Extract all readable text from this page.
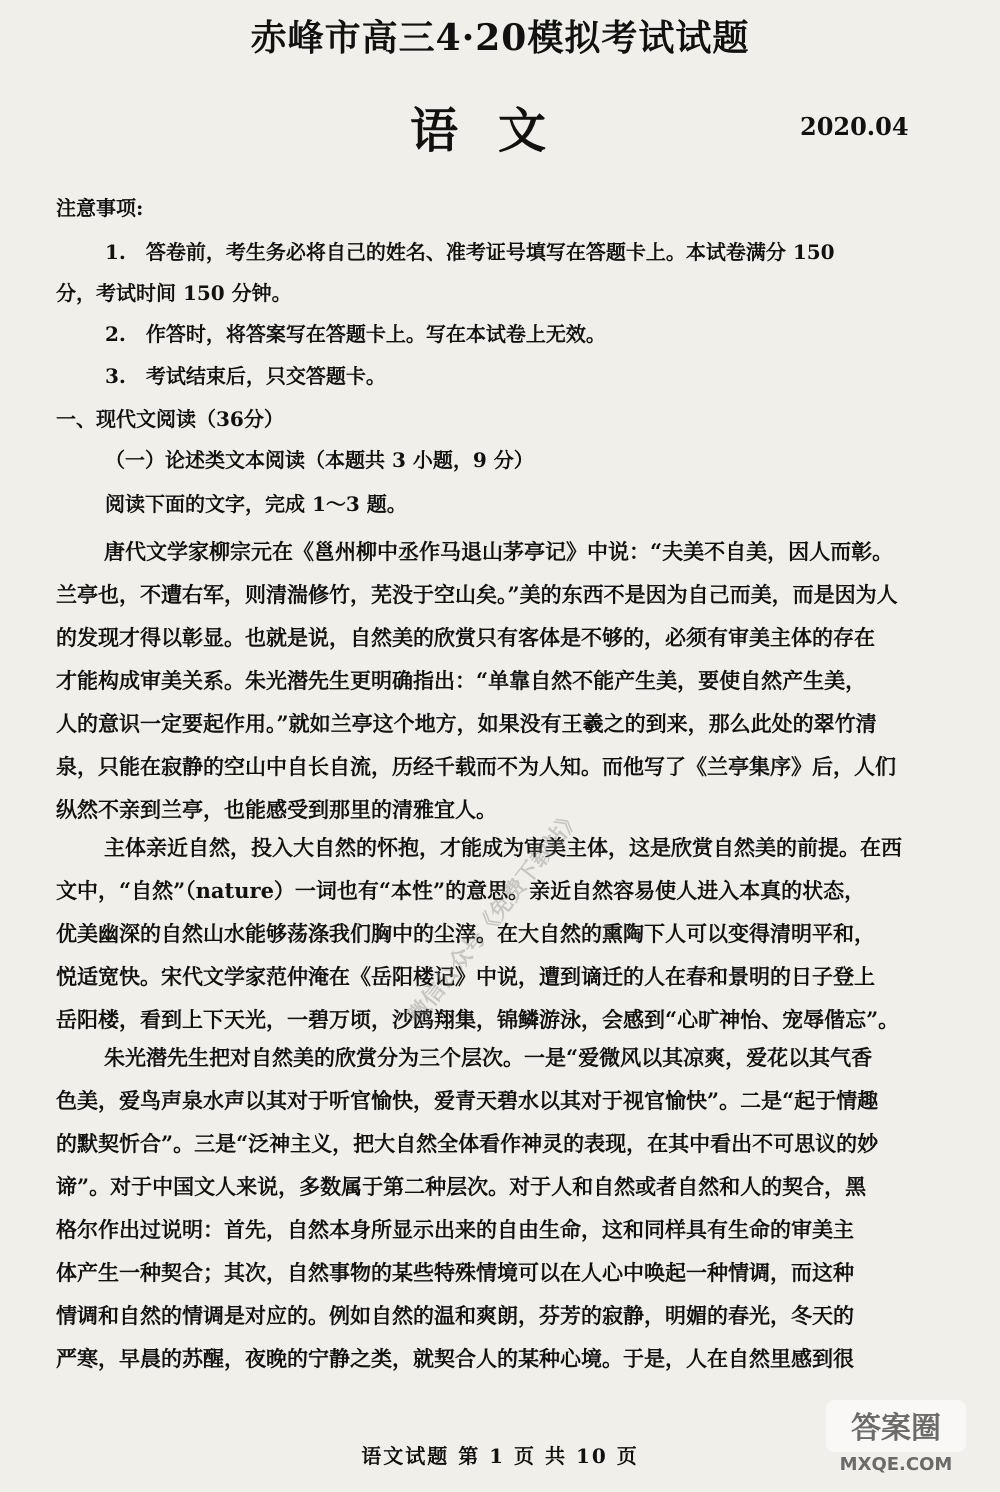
赤峰市高三4·20模拟考试试题
语文	2020.04
注意事项:
1.　答卷前，考生务必将自己的姓名、准考证号填写在答题卡上。本试卷满分 150
分，考试时间 150 分钟。
2.　作答时，将答案写在答题卡上。写在本试卷上无效。
3.　考试结束后，只交答题卡。
一、现代文阅读（36分）
（一）论述类文本阅读（本题共 3 小题，9 分）
阅读下面的文字，完成 1～3 题。
唐代文学家柳宗元在《邕州柳中丞作马退山茅亭记》中说：“夫美不自美，因人而彰。
兰亭也，不遭右军，则清湍修竹，芜没于空山矣。”美的东西不是因为自己而美，而是因为人
的发现才得以彰显。也就是说，自然美的欣赏只有客体是不够的，必须有审美主体的存在
才能构成审美关系。朱光潜先生更明确指出：“单靠自然不能产生美，要使自然产生美，
人的意识一定要起作用。”就如兰亭这个地方，如果没有王羲之的到来，那么此处的翠竹清
泉，只能在寂静的空山中自长自流，历经千载而不为人知。而他写了《兰亭集序》后，人们
纵然不亲到兰亭，也能感受到那里的清雅宜人。
主体亲近自然，投入大自然的怀抱，才能成为审美主体，这是欣赏自然美的前提。在西
文中，“自然”（nature）一词也有“本性”的意思。亲近自然容易使人进入本真的状态，
优美幽深的自然山水能够荡涤我们胸中的尘滓。在大自然的熏陶下人可以变得清明平和，
悦适宽快。宋代文学家范仲淹在《岳阳楼记》中说，遭到谪迁的人在春和景明的日子登上
岳阳楼，看到上下天光，一碧万顷，沙鸥翔集，锦鳞游泳，会感到“心旷神怡、宠辱偕忘”。
朱光潜先生把对自然美的欣赏分为三个层次。一是“爱微风以其凉爽，爱花以其气香
色美，爱鸟声泉水声以其对于听官愉快，爱青天碧水以其对于视官愉快”。二是“起于情趣
的默契忻合”。三是“泛神主义，把大自然全体看作神灵的表现，在其中看出不可思议的妙
谛”。对于中国文人来说，多数属于第二种层次。对于人和自然或者自然和人的契合，黑
格尔作出过说明：首先，自然本身所显示出来的自由生命，这和同样具有生命的审美主
体产生一种契合；其次，自然事物的某些特殊情境可以在人心中唤起一种情调，而这种
情调和自然的情调是对应的。例如自然的温和爽朗，芬芳的寂静，明媚的春光，冬天的
严寒，早晨的苏醒，夜晚的宁静之类，就契合人的某种心境。于是，人在自然里感到很
微信公众号《免费下载站》
语文试题 第 1 页 共 10 页
答案圈
MXQE.COM
